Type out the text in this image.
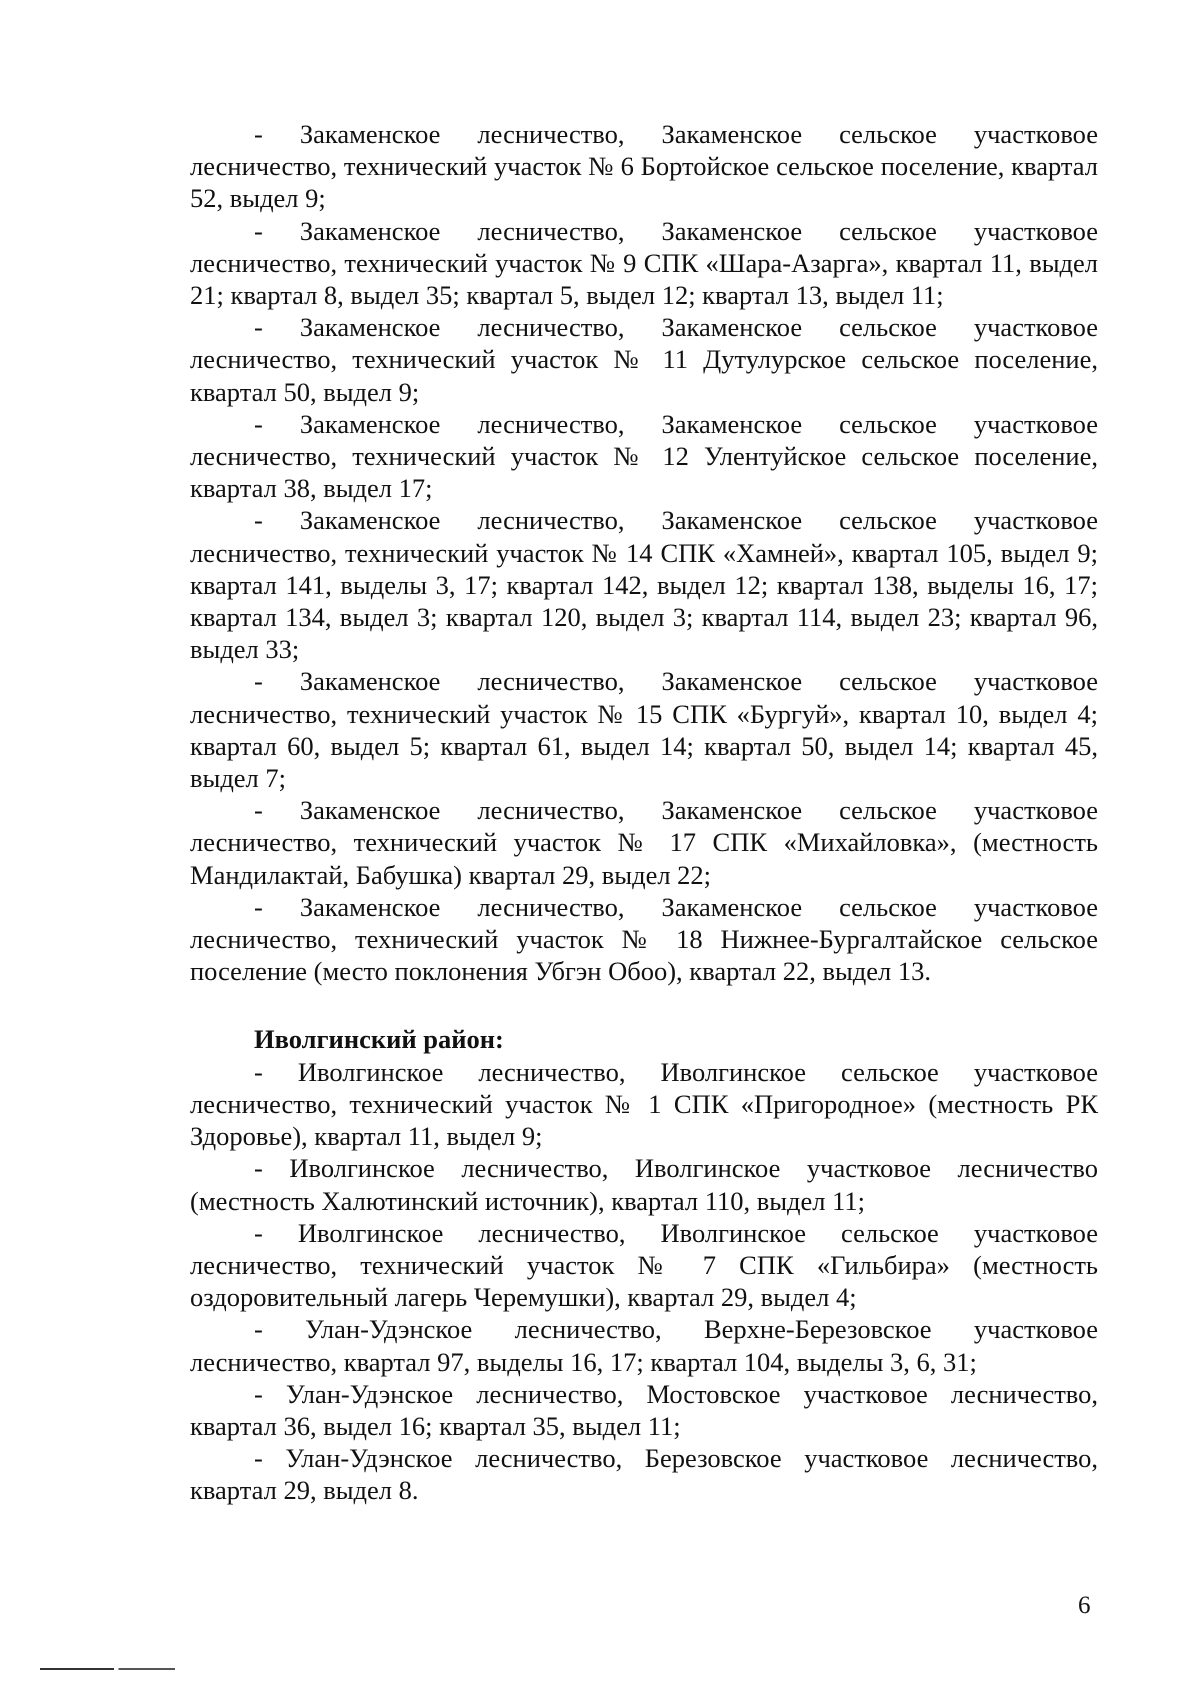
- Закаменское лесничество, Закаменское сельское участковое лесничество, технический участок № 6 Бортойское сельское поселение, квартал 52, выдел 9;

- Закаменское лесничество, Закаменское сельское участковое лесничество, технический участок № 9 СПК «Шара-Азарга», квартал 11, выдел 21; квартал 8, выдел 35; квартал 5, выдел 12; квартал 13, выдел 11;

- Закаменское лесничество, Закаменское сельское участковое лесничество, технический участок № 11 Дутулурское сельское поселение, квартал 50, выдел 9;

- Закаменское лесничество, Закаменское сельское участковое лесничество, технический участок № 12 Улентуйское сельское поселение, квартал 38, выдел 17;

- Закаменское лесничество, Закаменское сельское участковое лесничество, технический участок № 14 СПК «Хамней», квартал 105, выдел 9; квартал 141, выделы 3, 17; квартал 142, выдел 12; квартал 138, выделы 16, 17; квартал 134, выдел 3; квартал 120, выдел 3; квартал 114, выдел 23; квартал 96, выдел 33;

- Закаменское лесничество, Закаменское сельское участковое лесничество, технический участок № 15 СПК «Бургуй», квартал 10, выдел 4; квартал 60, выдел 5; квартал 61, выдел 14; квартал 50, выдел 14; квартал 45, выдел 7;

- Закаменское лесничество, Закаменское сельское участковое лесничество, технический участок № 17 СПК «Михайловка», (местность Мандилактай, Бабушка) квартал 29, выдел 22;

- Закаменское лесничество, Закаменское сельское участковое лесничество, технический участок № 18 Нижнее-Бургалтайское сельское поселение (место поклонения Убгэн Обоо), квартал 22, выдел 13.

Иволгинский район:

- Иволгинское лесничество, Иволгинское сельское участковое лесничество, технический участок № 1 СПК «Пригородное» (местность РК Здоровье), квартал 11, выдел 9;

- Иволгинское лесничество, Иволгинское участковое лесничество (местность Халютинский источник), квартал 110, выдел 11;

- Иволгинское лесничество, Иволгинское сельское участковое лесничество, технический участок № 7 СПК «Гильбира» (местность оздоровительный лагерь Черемушки), квартал 29, выдел 4;

- Улан-Удэнское лесничество, Верхне-Березовское участковое лесничество, квартал 97, выделы 16, 17; квартал 104, выделы 3, 6, 31;

- Улан-Удэнское лесничество, Мостовское участковое лесничество, квартал 36, выдел 16; квартал 35, выдел 11;

- Улан-Удэнское лесничество, Березовское участковое лесничество, квартал 29, выдел 8.

6
